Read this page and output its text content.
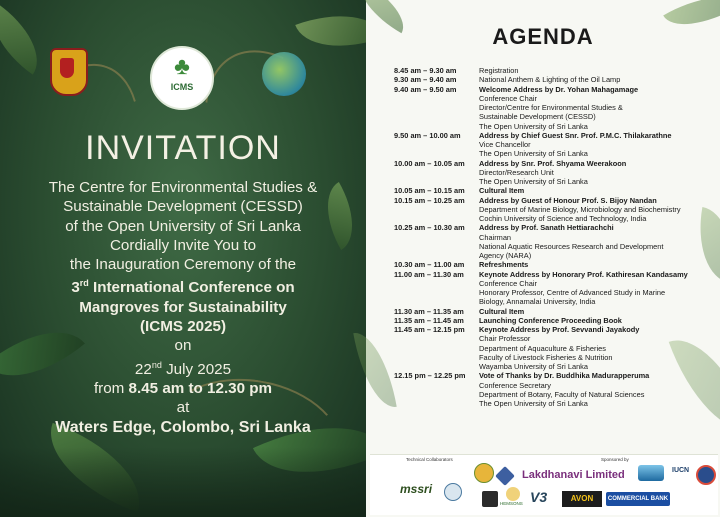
♣
ICMS
INVITATION
The Centre for Environmental Studies &
Sustainable Development (CESSD)
of the Open University of Sri Lanka
Cordially Invite You to
the Inauguration Ceremony of the
3rd International Conference on
Mangroves for Sustainability
(ICMS 2025)
on
22nd July 2025
from 8.45 am to 12.30 pm
at
Waters Edge, Colombo, Sri Lanka
AGENDA
8.45 am – 9.30 am	Registration
9.30 am – 9.40 am	National Anthem & Lighting of the Oil Lamp
9.40 am – 9.50 am	Welcome Address by Dr. Yohan Mahagamage
Conference Chair
Director/Centre for Environmental Studies &
Sustainable Development (CESSD)
The Open University of Sri Lanka
9.50 am – 10.00 am	Address by Chief Guest Snr. Prof. P.M.C. Thilakarathne
Vice Chancellor
The Open University of Sri Lanka
10.00 am – 10.05 am	Address by Snr. Prof. Shyama Weerakoon
Director/Research Unit
The Open University of Sri Lanka
10.05 am – 10.15 am	Cultural Item
10.15 am – 10.25 am	Address by Guest of Honour Prof. S. Bijoy Nandan
Department of Marine Biology, Microbiology and Biochemistry
Cochin University of Science and Technology, India
10.25 am – 10.30 am	Address by Prof. Sanath Hettiarachchi
Chairman
National Aquatic Resources Research and Development
Agency (NARA)
10.30 am – 11.00 am	Refreshments
11.00 am – 11.30 am	Keynote Address by Honorary Prof. Kathiresan Kandasamy
Conference Chair
Honorary Professor, Centre of Advanced Study in Marine
Biology, Annamalai University, India
11.30 am – 11.35 am	Cultural Item
11.35 am – 11.45 am	Launching Conference Proceeding Book
11.45 am – 12.15 pm	Keynote Address by Prof. Sevvandi Jayakody
Chair Professor
Department of Aquaculture & Fisheries
Faculty of Livestock Fisheries & Nutrition
Wayamba University of Sri Lanka
12.15 pm – 12.25 pm	Vote of Thanks by Dr. Buddhika Madurapperuma
Conference Secretary
Department of Botany, Faculty of Natural Sciences
The Open University of Sri Lanka
Technical Collaborators	Sponsored by
mssri
Lakdhanavi Limited	IUCN
HEMSONS V3	AVON	COMMERCIAL BANK
